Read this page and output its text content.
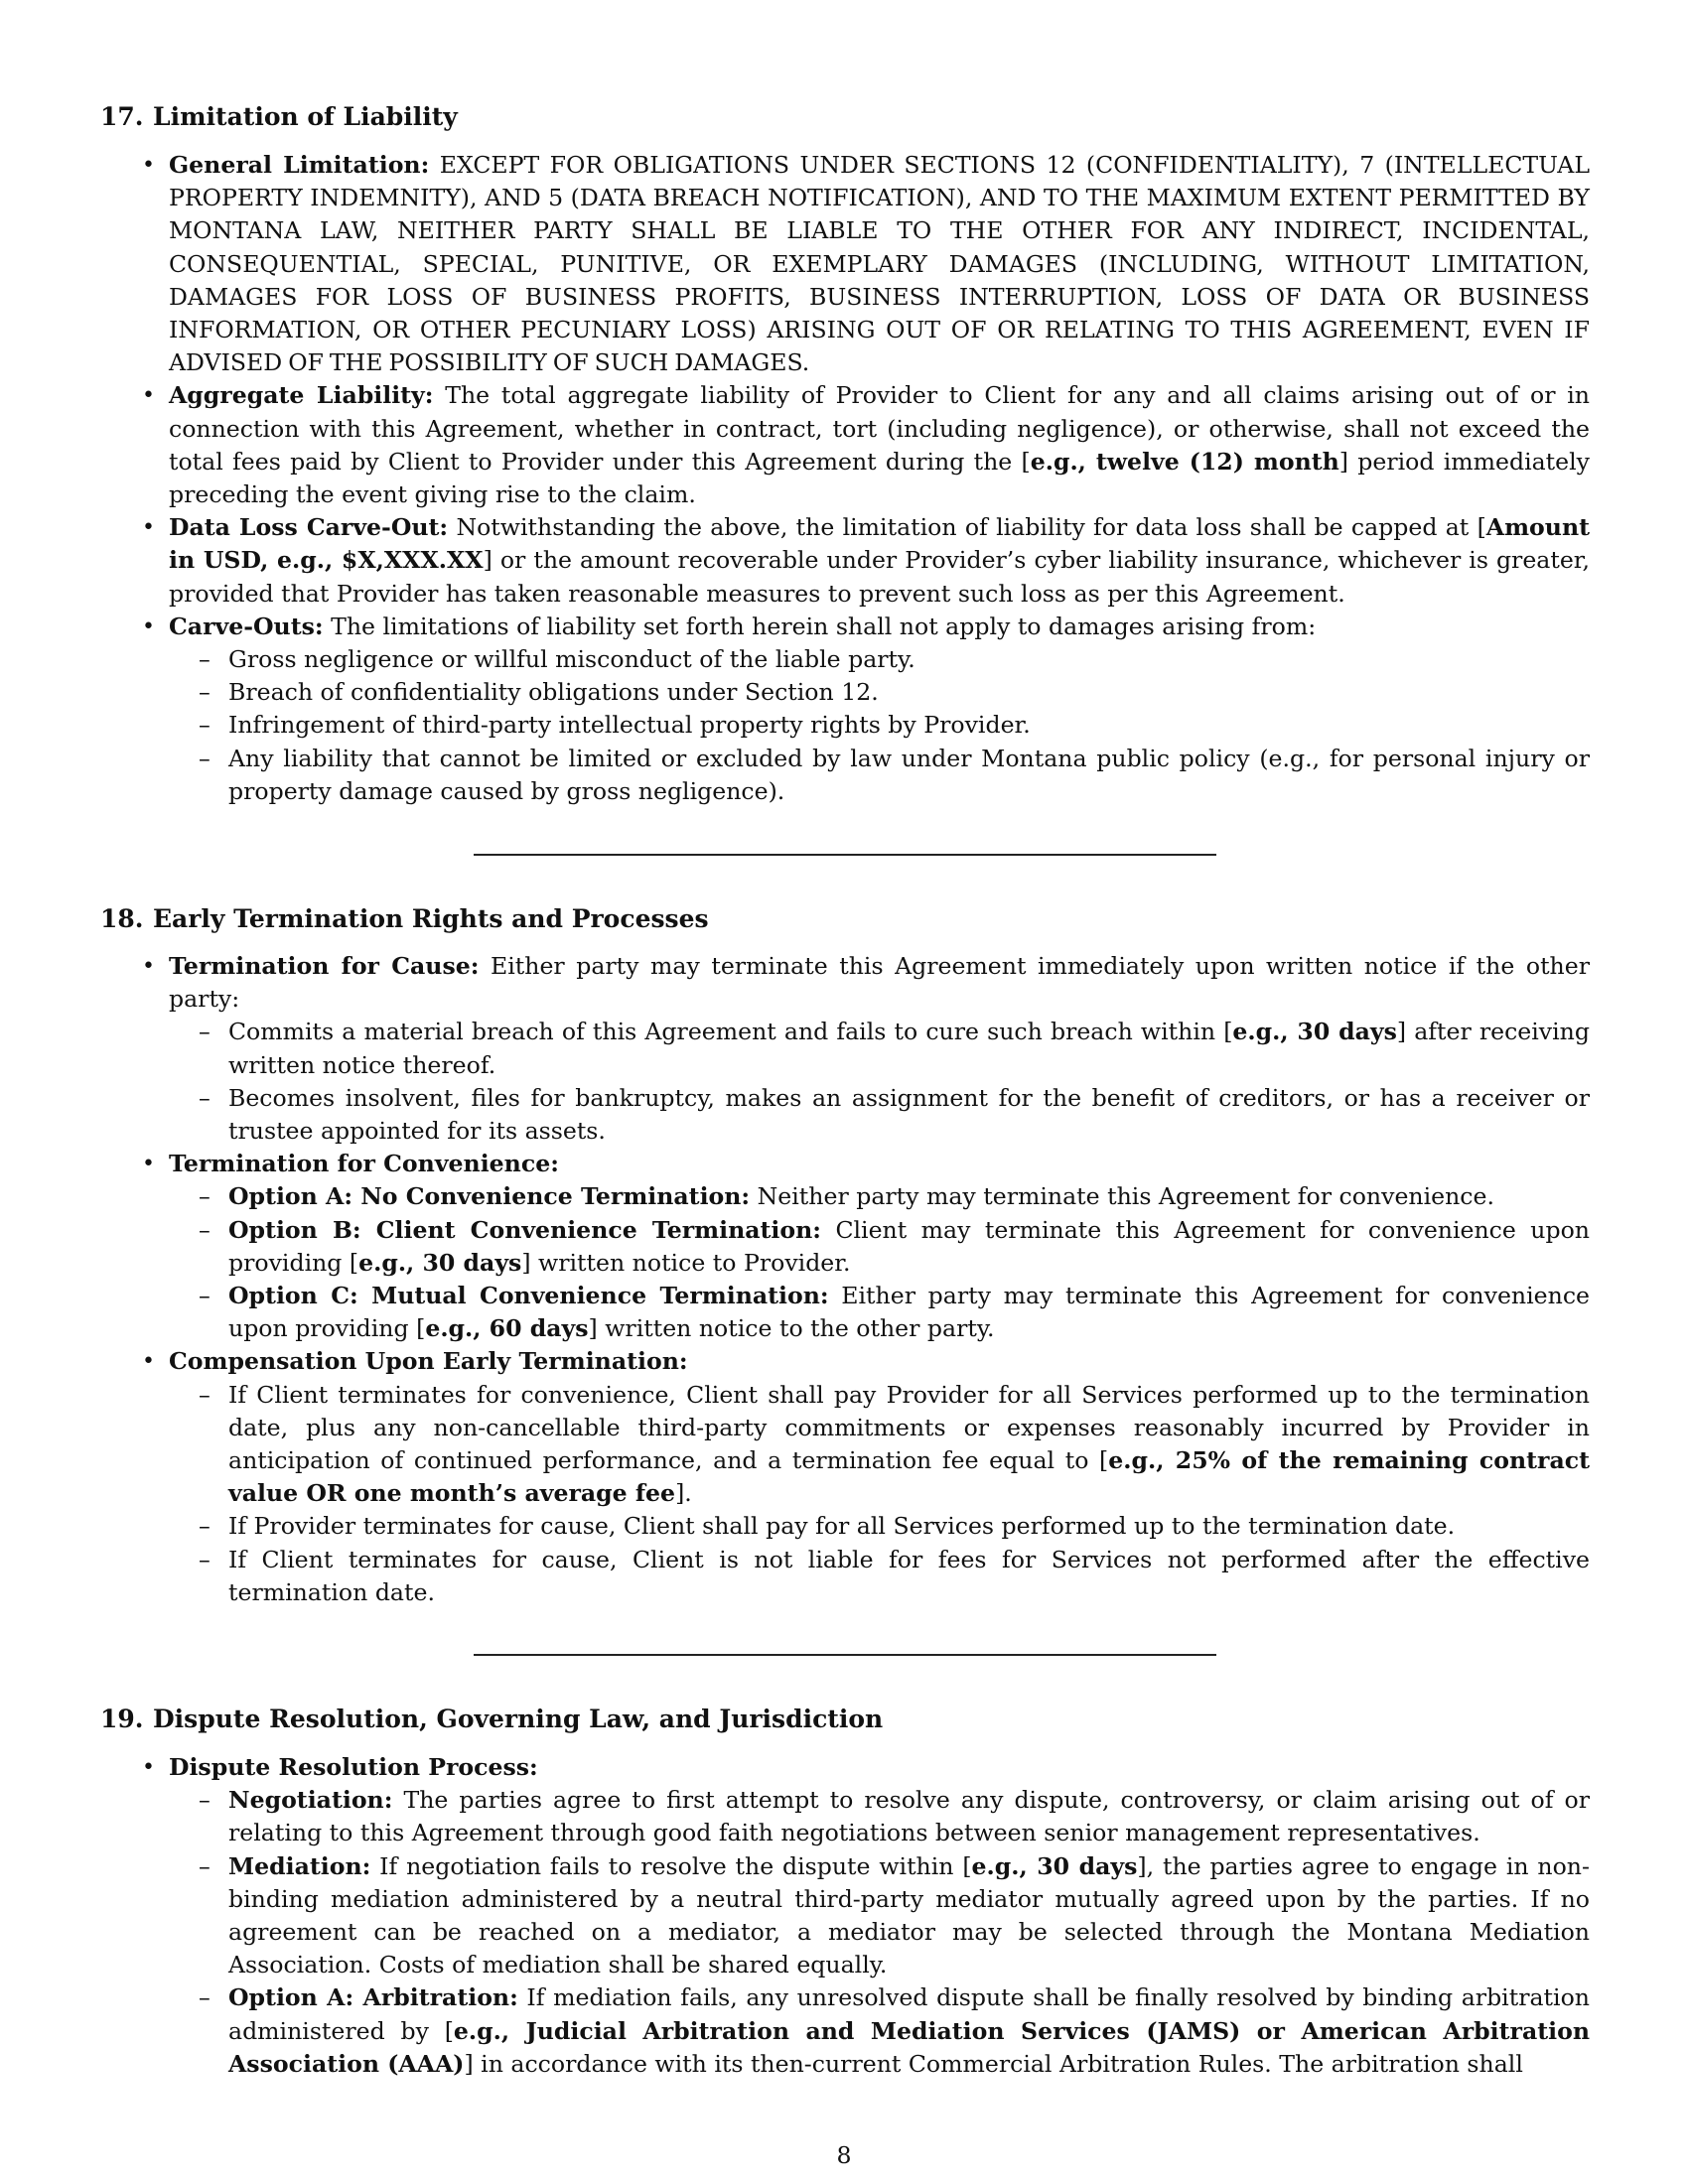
17. Limitation of Liability
• General Limitation: EXCEPT FOR OBLIGATIONS UNDER SECTIONS 12 (CONFIDENTIALITY), 7 (INTELLECTUAL PROPERTY INDEMNITY), AND 5 (DATA BREACH NOTIFICATION), AND TO THE MAXIMUM EXTENT PERMITTED BY MONTANA LAW, NEITHER PARTY SHALL BE LIABLE TO THE OTHER FOR ANY INDIRECT, INCIDENTAL, CONSEQUENTIAL, SPECIAL, PUNITIVE, OR EXEMPLARY DAMAGES (INCLUDING, WITHOUT LIMITATION, DAMAGES FOR LOSS OF BUSINESS PROFITS, BUSINESS INTERRUPTION, LOSS OF DATA OR BUSINESS INFORMATION, OR OTHER PECUNIARY LOSS) ARISING OUT OF OR RELATING TO THIS AGREEMENT, EVEN IF ADVISED OF THE POSSIBILITY OF SUCH DAMAGES.
• Aggregate Liability: The total aggregate liability of Provider to Client for any and all claims arising out of or in connection with this Agreement, whether in contract, tort (including negligence), or otherwise, shall not exceed the total fees paid by Client to Provider under this Agreement during the [e.g., twelve (12) month] period immediately preceding the event giving rise to the claim.
• Data Loss Carve-Out: Notwithstanding the above, the limitation of liability for data loss shall be capped at [Amount in USD, e.g., $X,XXX.XX] or the amount recoverable under Provider’s cyber liability insurance, whichever is greater, provided that Provider has taken reasonable measures to prevent such loss as per this Agreement.
• Carve-Outs: The limitations of liability set forth herein shall not apply to damages arising from:
– Gross negligence or willful misconduct of the liable party.
– Breach of confidentiality obligations under Section 12.
– Infringement of third-party intellectual property rights by Provider.
– Any liability that cannot be limited or excluded by law under Montana public policy (e.g., for personal injury or property damage caused by gross negligence).
18. Early Termination Rights and Processes
• Termination for Cause: Either party may terminate this Agreement immediately upon written notice if the other party:
– Commits a material breach of this Agreement and fails to cure such breach within [e.g., 30 days] after receiving written notice thereof.
– Becomes insolvent, files for bankruptcy, makes an assignment for the benefit of creditors, or has a receiver or trustee appointed for its assets.
• Termination for Convenience:
– Option A: No Convenience Termination: Neither party may terminate this Agreement for convenience.
– Option B: Client Convenience Termination: Client may terminate this Agreement for convenience upon providing [e.g., 30 days] written notice to Provider.
– Option C: Mutual Convenience Termination: Either party may terminate this Agreement for convenience upon providing [e.g., 60 days] written notice to the other party.
• Compensation Upon Early Termination:
– If Client terminates for convenience, Client shall pay Provider for all Services performed up to the termination date, plus any non-cancellable third-party commitments or expenses reasonably incurred by Provider in anticipation of continued performance, and a termination fee equal to [e.g., 25% of the remaining contract value OR one month’s average fee].
– If Provider terminates for cause, Client shall pay for all Services performed up to the termination date.
– If Client terminates for cause, Client is not liable for fees for Services not performed after the effective termination date.
19. Dispute Resolution, Governing Law, and Jurisdiction
• Dispute Resolution Process:
– Negotiation: The parties agree to first attempt to resolve any dispute, controversy, or claim arising out of or relating to this Agreement through good faith negotiations between senior management representatives.
– Mediation: If negotiation fails to resolve the dispute within [e.g., 30 days], the parties agree to engage in non-binding mediation administered by a neutral third-party mediator mutually agreed upon by the parties. If no agreement can be reached on a mediator, a mediator may be selected through the Montana Mediation Association. Costs of mediation shall be shared equally.
– Option A: Arbitration: If mediation fails, any unresolved dispute shall be finally resolved by binding arbitration administered by [e.g., Judicial Arbitration and Mediation Services (JAMS) or American Arbitration Association (AAA)] in accordance with its then-current Commercial Arbitration Rules. The arbitration shall
8
